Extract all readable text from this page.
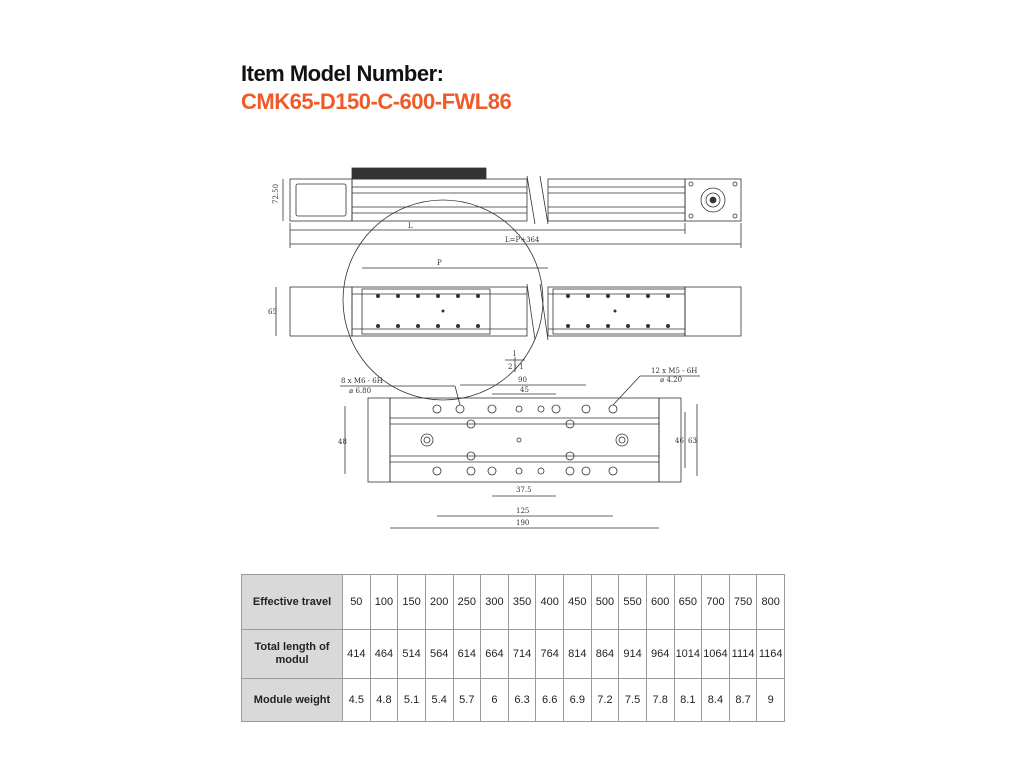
Item Model Number:
CMK65-D150-C-600-FWL86
72.50
L
L=P+364
P
65
I
2 : 1
8 x M6 - 6H
⌀ 6.80
12 x M5 - 6H
⌀ 4.20
90
45
48	46 63
37.5
125
190
Effective travel	50	100	150	200	250	300	350	400	450	500	550	600	650	700	750	800
Total length of modul	414	464	514	564	614	664	714	764	814	864	914	964	1014	1064	1114	1164
Module weight	4.5	4.8	5.1	5.4	5.7	6	6.3	6.6	6.9	7.2	7.5	7.8	8.1	8.4	8.7	9
